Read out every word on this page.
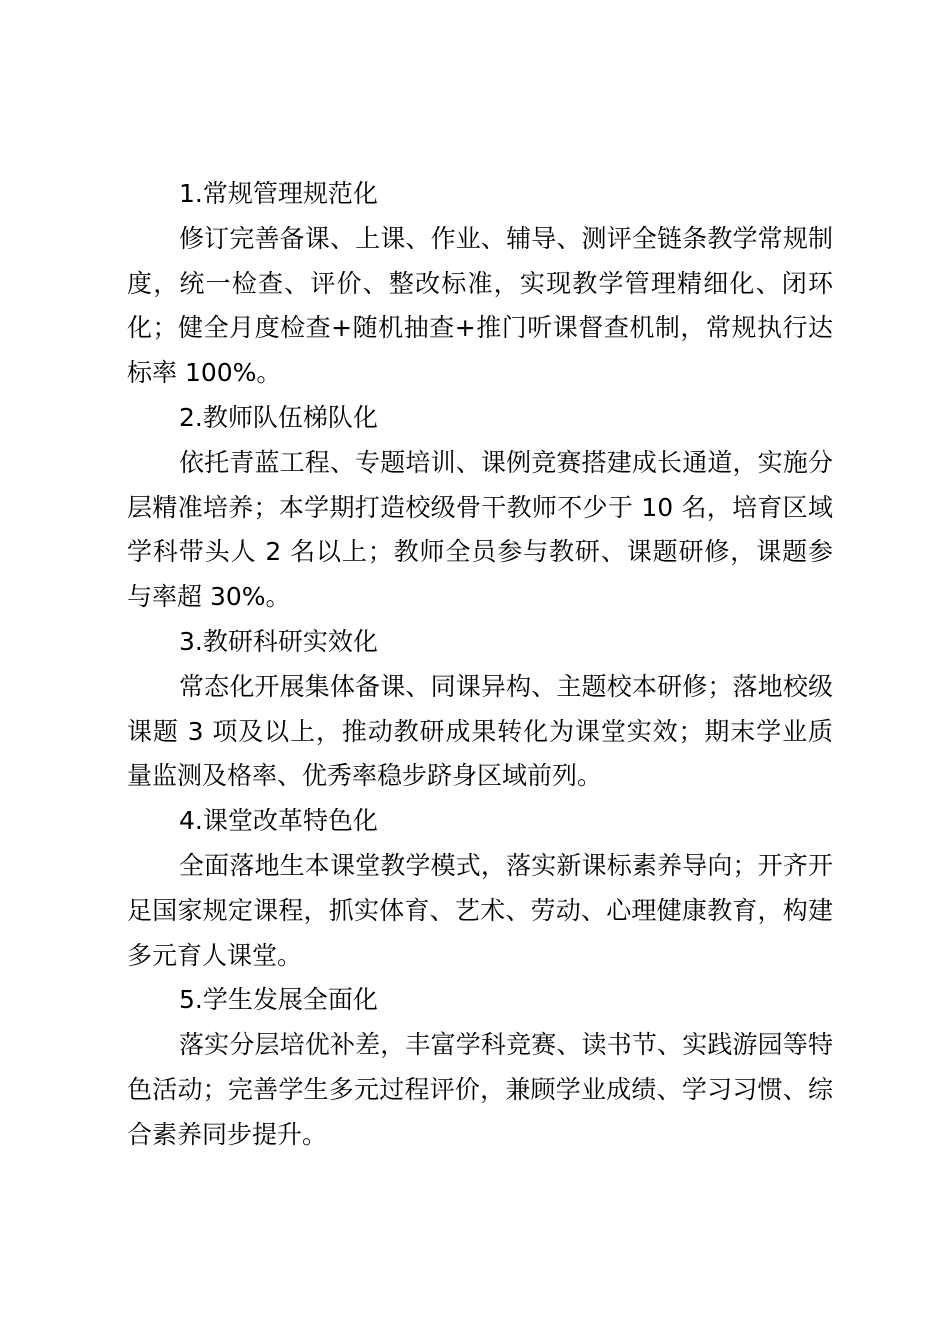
1.常规管理规范化

修订完善备课、上课、作业、辅导、测评全链条教学常规制度，统一检查、评价、整改标准，实现教学管理精细化、闭环化；健全月度检查+随机抽查+推门听课督查机制，常规执行达标率 100%。

2.教师队伍梯队化

依托青蓝工程、专题培训、课例竞赛搭建成长通道，实施分层精准培养；本学期打造校级骨干教师不少于 10 名，培育区域学科带头人 2 名以上；教师全员参与教研、课题研修，课题参与率超 30%。

3.教研科研实效化

常态化开展集体备课、同课异构、主题校本研修；落地校级课题 3 项及以上，推动教研成果转化为课堂实效；期末学业质量监测及格率、优秀率稳步跻身区域前列。

4.课堂改革特色化

全面落地生本课堂教学模式，落实新课标素养导向；开齐开足国家规定课程，抓实体育、艺术、劳动、心理健康教育，构建多元育人课堂。

5.学生发展全面化

落实分层培优补差，丰富学科竞赛、读书节、实践游园等特色活动；完善学生多元过程评价，兼顾学业成绩、学习习惯、综合素养同步提升。
